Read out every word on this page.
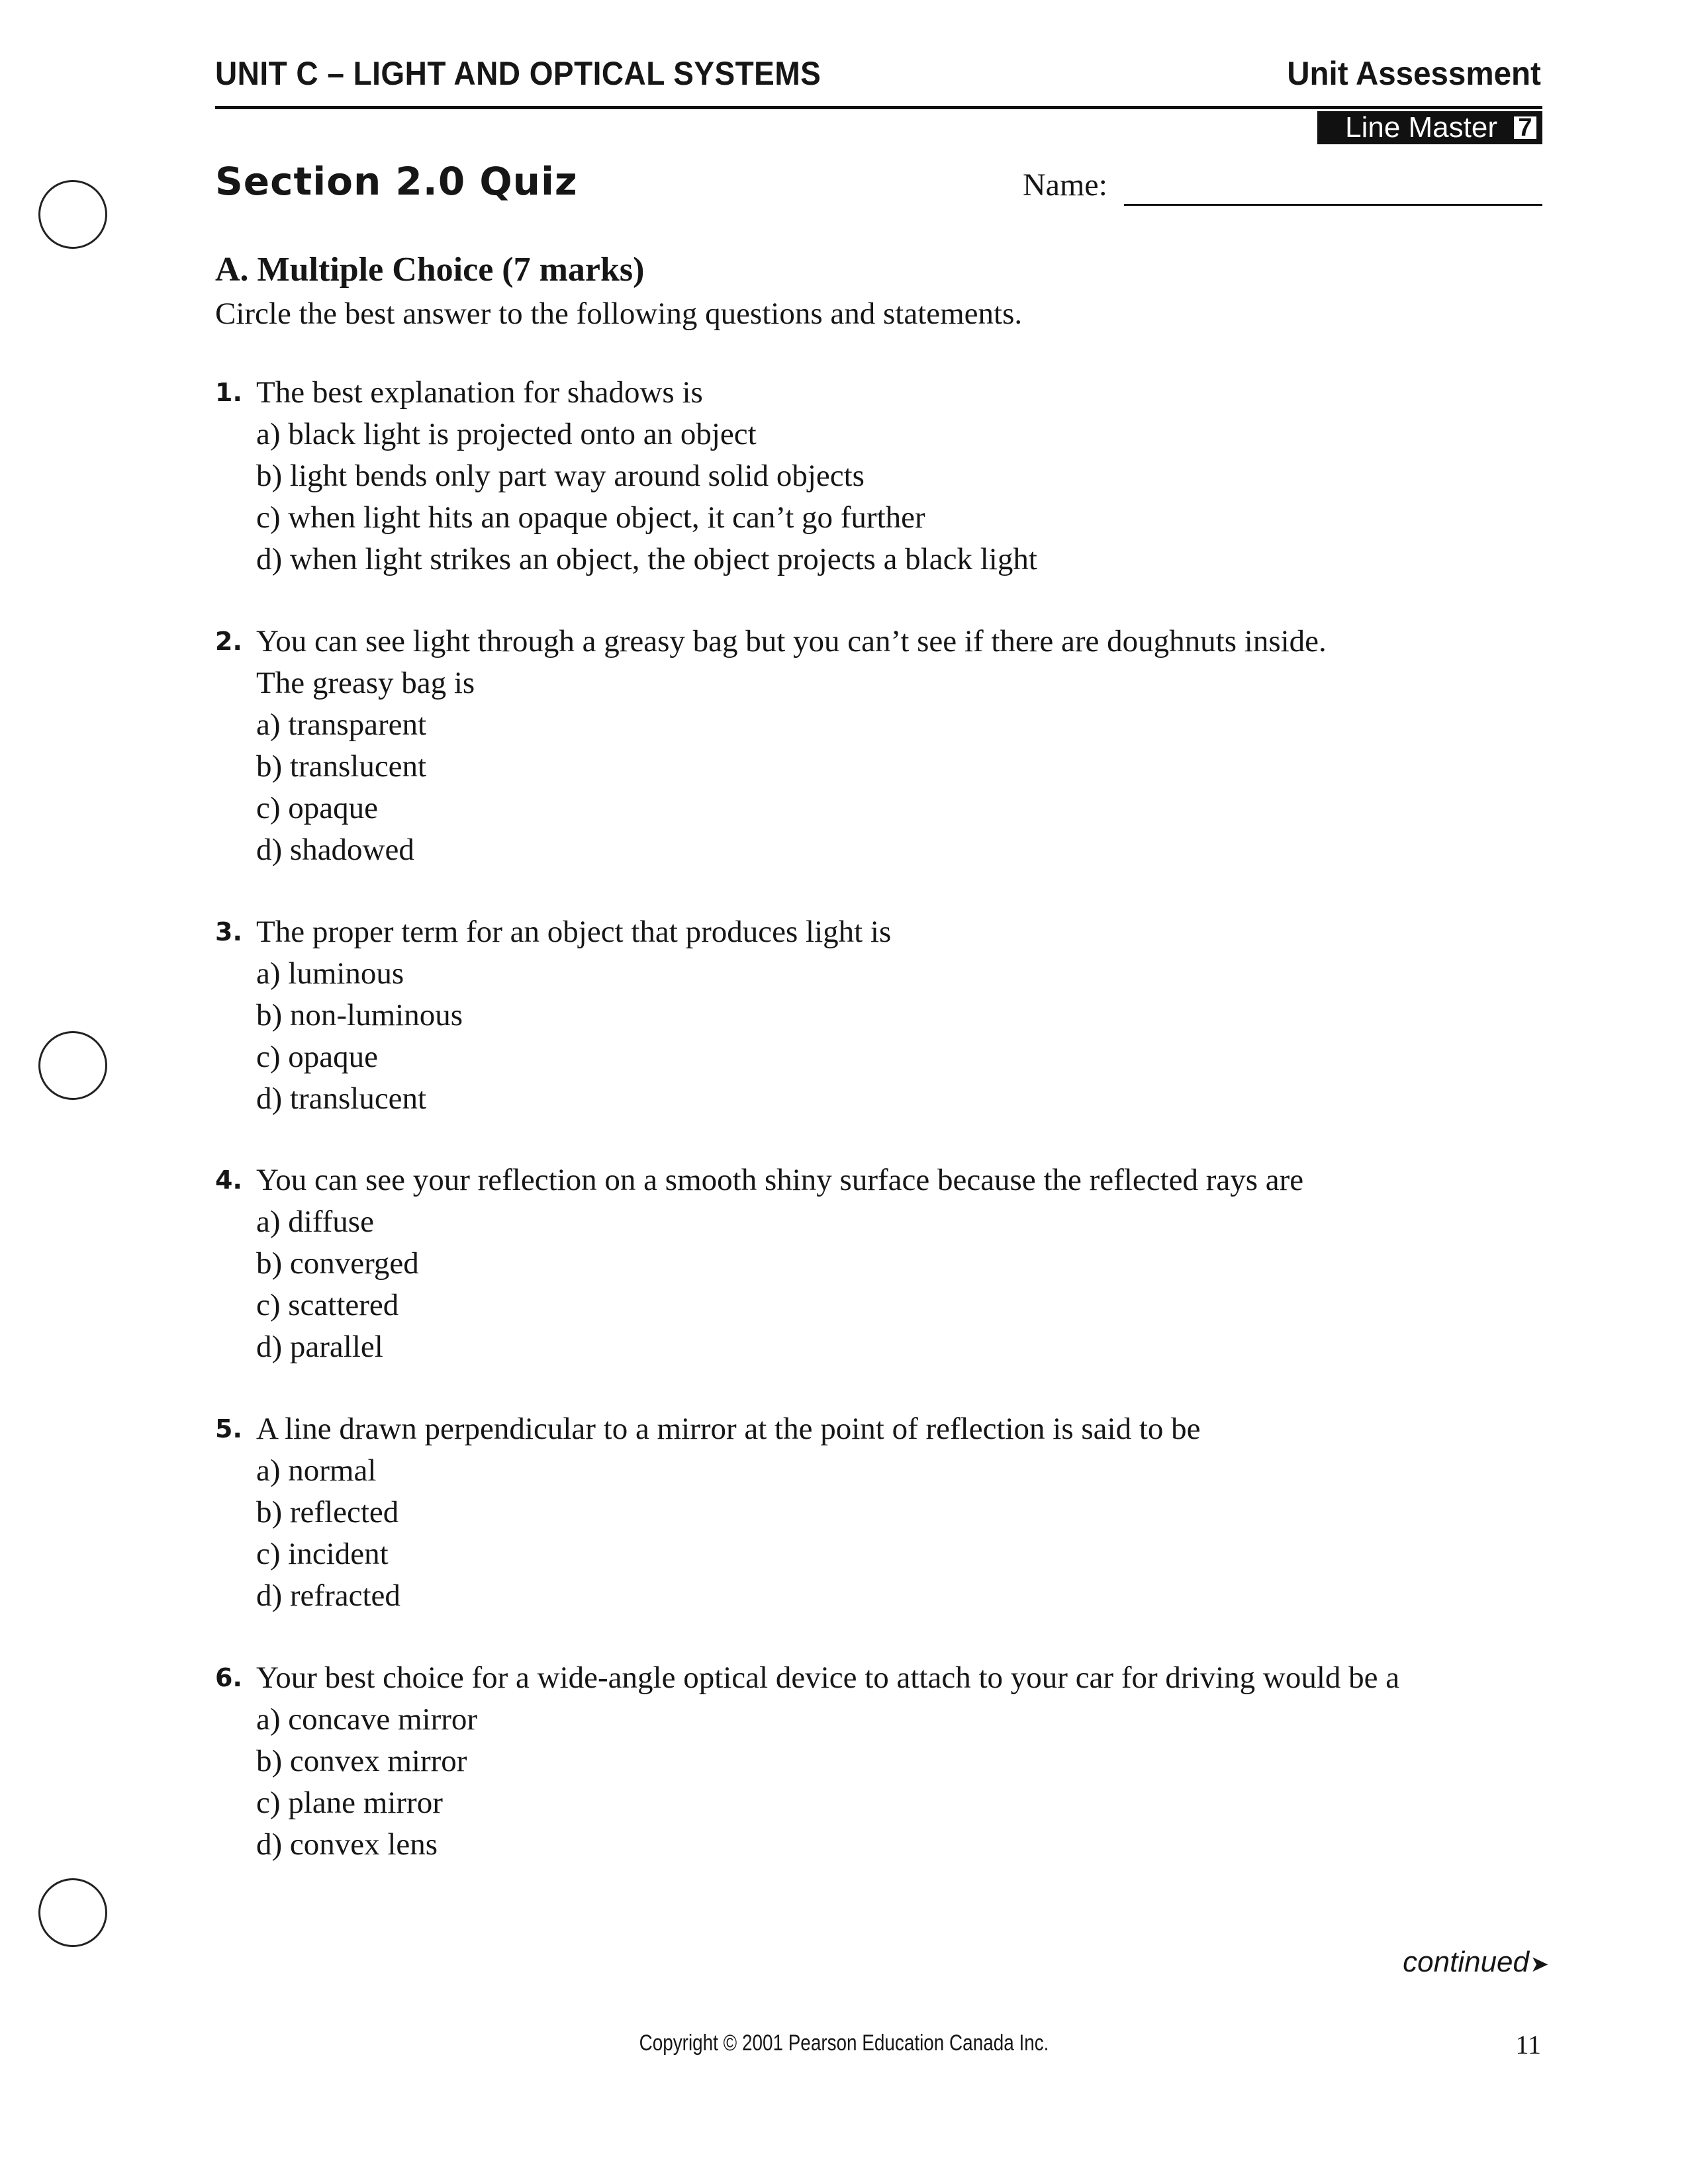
UNIT C – LIGHT AND OPTICAL SYSTEMS	Unit Assessment
Line Master 7
Section 2.0 Quiz	Name:
A. Multiple Choice (7 marks)
Circle the best answer to the following questions and statements.
1. The best explanation for shadows is
a) black light is projected onto an object
b) light bends only part way around solid objects
c) when light hits an opaque object, it can’t go further
d) when light strikes an object, the object projects a black light
2. You can see light through a greasy bag but you can’t see if there are doughnuts inside.
The greasy bag is
a) transparent
b) translucent
c) opaque
d) shadowed
3. The proper term for an object that produces light is
a) luminous
b) non-luminous
c) opaque
d) translucent
4. You can see your reflection on a smooth shiny surface because the reflected rays are
a) diffuse
b) converged
c) scattered
d) parallel
5. A line drawn perpendicular to a mirror at the point of reflection is said to be
a) normal
b) reflected
c) incident
d) refracted
6. Your best choice for a wide-angle optical device to attach to your car for driving would be a
a) concave mirror
b) convex mirror
c) plane mirror
d) convex lens
continued ➤
Copyright © 2001 Pearson Education Canada Inc.	11
